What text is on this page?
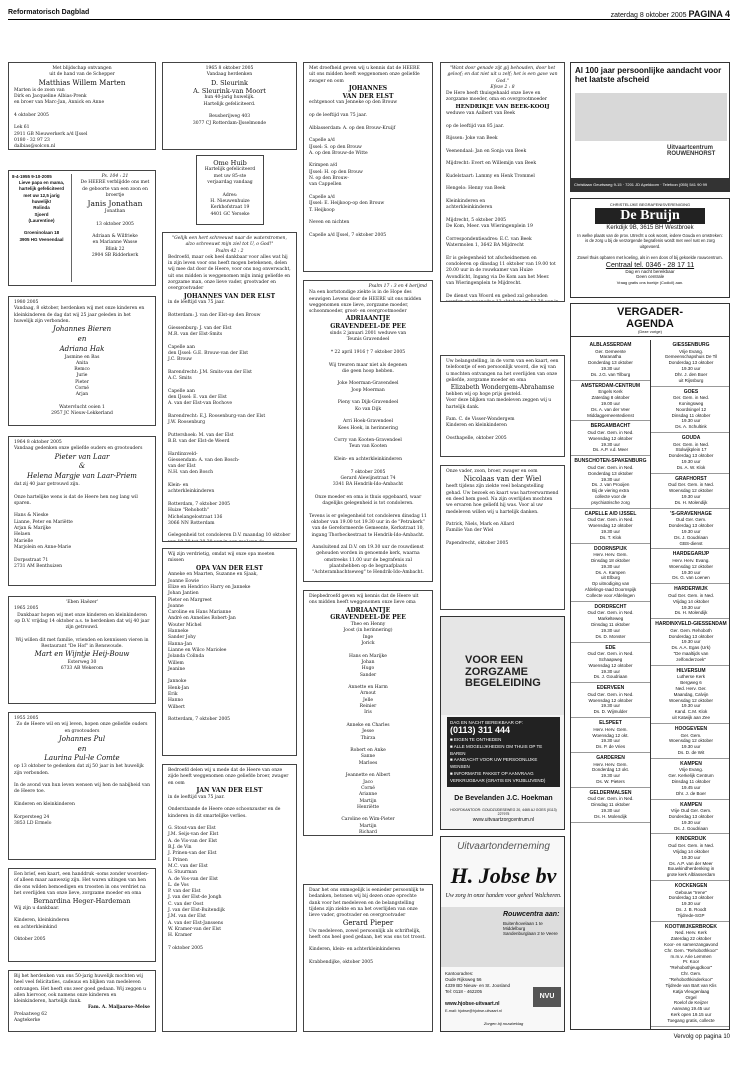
Reformatorisch Dagblad	zaterdag 8 oktober 2005 PAGINA 4
Met blijdschap ontvangen
uit de hand van de Schepper
Matthias Willem Marten
Marten is de zoon van
Dirk en Jacqueline Albias-Prenk
en broer van Marc-Jan, Annick en Anne

4 oktober 2005

Lek 61
2911 GB Nieuwerkerk a/d IJssel
0180 - 32 97 23
dalbias@solcon.nl
8-4-1955 9-10-2005
Lieve papa en mama,
hartelijk gefeliciteerd
met uw 12,5 jarig
huwelijk!
Rolinda
Sjoerd
(Laurentine)

Groeninolaan 18
3905 HG Veenendaal
Ps. 104 : 21
De HEERE verblijdde ons met
de geboorte van een zoon en broertje
Janis Jonathan
Jonathan

13 oktober 2005

Adriaan & Wilfrieke
en Marianne Wasse
Blink 22
2904 SB Ridderkerk
1980 2005
Vandaag, 8 oktober, herdenken wij met onze kinderen en kleinkinderen de dag dat wij 25 jaar geleden in het huwelijk zijn verbonden.
Johannes Bieren
en
Adriana Hak
Jasmine en Bas
Anita
Remco
Jurie
Pieter
Corné
Arjan

Watervlucht ooien 1
2957 JC Nieuw-Lekkerland
1964 8 oktober 2005
Vandaag gedenken onze geliefde ouders en grootouders
Pieter van Laar
&
Helena Margje van Laar-Priem
dat zij 40 jaar getrouwd zijn.

Onze hartelijke wens is dat de Heere hen nog lang wil sparen.

Hans & Nieske
Lianne, Peter en Mariëtte
Arjan & Marijke
Helaen
Marielle
Marjolein en Anne-Marie

Dorpsstraat 71
2731 AM Benthuizen
'Eben Haëzer'
1965 2005
Dankbaar hopen wij met onze kinderen en kleinkinderen op D.V. vrijdag 14 oktober a.s. te herdenken dat wij 40 jaar zijn getrouwd.

Wij willen dit met familie, vrienden en kennissen vieren in Restaurant "De Hof" in Renswoude.
Mart en Wijntje Heij-Bouw
Esterweg 30
6733 AB Wekerom
1955 2005
Zo de Heere wil en wij leven, hopen onze geliefde ouders en grootouders
Johannes Pul
en
Laurina Pul-le Comte
op 13 oktober te gedenken dat zij 50 jaar in het huwelijk zijn verbonden.

In de avond van hun leven wensen wij hen de nabijheid van de Heere toe.

Kinderen en kleinkinderen

Korpersteeg 24
3853 LD Ermelo
Een brief, een kaart, een handdruk -soms zonder woorden- of alleen maar aanwezig zijn. Het waren uitingen van hen die ons wilden bemoedigen en troosten in ons verdriet na het overlijden van onze lieve, zorgzame moeder en oma
Bernardina Heger-Hardeman
Wij zijn u dankbaar.

Kinderen, kleinkinderen
en achterkleinkind

Oktober 2005
Bij het herdenken van ons 50-jarig huwelijk mochten wij heel veel felicitaties, cadeaus en blijken van medeleven ontvangen. Het heeft ons zeer goed gedaan. Wij zeggen u allen hiervoor, ook namens onze kinderen en kleinkinderen, hartelijk dank.
Fam. A. Maljaarse-Melse
Prelaatweg 62
Aagtekerke
1965 8 oktober 2005
Vandaag herdenken
D. Sleurink
A. Sleurink-van Moort
hun 40-jarig huwelijk.
Hartelijk gefeliciteerd.

Beusberijweg 403
3077 CJ Rotterdam-IJsselmonde
Ome Huib
Hartelijk gefeliciteerd
met uw 85-ste
verjaardag vandaag

Adres:
H. Nieuwenhuize
Kerkhofstraat 19
4401 GC Yerseke
"Gelijk een hert schreeuwt naar de waterstromen, alzo schreeuwt mijn ziel tot U, o God!"
Psalm 42 : 2
Bedroefd, maar ook heel dankbaar voor alles wat hij in zijn leven voor ons heeft mogen betekenen, delen wij mee dat door de Heere, voor ons nog onverwacht, uit ons midden is weggenomen mijn innig geliefde en zorgzame man, onze lieve vader, grootvader en overgrootvader
JOHANNES VAN DER ELST
in de leeftijd van 75 jaar.

Rotterdam: J. van der Elst-op den Brouw

Giessenburg: J. van der Elst
M.R. van der Elst-Smits

Capelle aan
den IJssel: G.E. Brouw-van der Elst
J.C. Brouw

Barendrecht: J.M. Smits-van der Elst
A.C. Smits

Capelle aan
den IJssel: E. van der Elst
A. van der Elst-van Bochove

Barendrecht: E.J. Roosenburg-van der Elst
J.W. Roosenburg

Puttershoek: M. van der Elst
B.B. van der Elst-de Weerd

Hardinxveld-
Giessendam: A. van den Bosch-
van der Elst
N.H. van den Bosch

Klein- en
achterkleinkinderen

Rotterdam, 7 oktober 2005
Huize "Rehoboth"
Michelangelostraat 136
3066 NN Rotterdam

Gelegenheid tot condoleren D.V. maandag 10 oktober

Wij zijn verdrietig, omdat wij onze opa moeten missen
OPA VAN DER ELST
Anneke en Maarten, Suzanne en Sjaak,
Joanne Eowie
Elize en Hendrico Harry en Janneke
Johan Jantien
Pieter en Margreet
Joanne
Caroline en Hans Marianne
André en Annelies Robert-Jan
Wouter Michel
Hanneke
Sander Johy
Hanna-Jan
Lianne en Wilco Mariolee
Jolanda Colinda
Willem
Jeanine

Jannoke
Henk-Jan
Erik
Hanno
Wilbert

Rotterdam, 7 oktober 2005
Bedroefd delen wij u mede dat de Heere van onze zijde heeft weggenomen onze geliefde broer, zwager en oom
JAN VAN DER ELST
in de leeftijd van 75 jaar.

Onderstaande de Heere onze schoonzuster en de kinderen in dit smartelijke verlies.

G. Stout-van der Elst
J.M. Seijs-van der Elst
A. de Vis-van der Elst
B.J. de Vin
J. Prinen-van der Elst
I. Prinen
M.C. van der Elst
G. Stuurman
A. de Vos-van der Elst
L. de Vos
P. van der Elst
J. van der Elst-de Jongh
C. van der Oost
J. van der Elst-Buitendijk
J.M. van der Elst
A. van der Elst-Janssens
W. Kramer-van der Elst
H. Kramer

7 oktober 2005
Met droefheid geven wij u kennis dat de HEERE uit ons midden heeft weggenomen onze geliefde zwager en oom
JOHANNES
VAN DER ELST
echtgenoot van Jenneke op den Brouw

op de leeftijd van 75 jaar.

Alblasserdam: A. op den Brouw-Kruijf

Capelle a/d
IJssel: S. op den Brouw
A. op den Brouw-de Witte

Krimpen a/d
IJssel: H. op den Brouw
N. op den Brouw-
van Cappellen

Capelle a/d
IJssel: E. Heijkoop-op den Brouw
T. Heijkoop

Neven en nichten

Capelle a/d IJssel, 7 oktober 2005
Psalm 17 : 3 en 4 berijmd
Na een kortstondige ziekte is in de Hope des eeuwigen Levens door de HEERE uit ons midden weggenomen onze lieve, zorgzame moeder, schoonmoeder, groot- en overgrootmoeder
ADRIAANTJE
GRAVENDEEL-DE PEE
sinds 2 januari 2001 weduwe van
Teunis Gravendeel

* 22 april 1916 † 7 oktober 2005

Wij treuren maar niet als degenen
die geen hoop hebben.

Joke Moerman-Gravendeel
Joop Moerman

Pieny van Dijk-Gravendeel
Ko van Dijk

Arri Hoek-Gravendeel
Kees Hoek, in herinnering

Corry van Kooten-Gravendeel
Teun van Kooten

Klein- en achterkleinkinderen

7 oktober 2005
Gerard Alewijnstraat 74
3341 BA Hendrik-Ido-Ambacht

Onze moeder en oma is thuis opgebaard, waar dagelijks gelegenheid is tot condoleren.

Tevens is er gelegenheid tot condoleren dinsdag 11 oktober van 19.00 tot 19.30 uur in de "Petrakerk" van de Gereformeerde Gemeente, Kerkstraat 10, ingang Thorbeckestraat te Hendrik-Ido-Ambacht.

Aansluitend zal D.V. om 19.30 uur de rouwdienst gehouden worden in genoemde kerk, waarna omstreeks 11.00 uur de begrafenis zal plaatshebben op de begraafplaats "Achterambachtseweg" te Hendrik-Ido-Ambacht.

Diepbedroefd geven wij kennis dat de Heere uit ons midden heeft weggenomen onze lieve oma
ADRIAANTJE
GRAVENDEEL-DE PEE
Theo en Henny
Joost (in herinnering)
Inge
Jorick

Hans en Marijke
Johan
Hugo
Sander

Annette en Harm
Arnout
Jelle
Reinier
Iris

Anneke en Charles
Jesse
Thirza

Robert en Anke
Sanne
Marloes

Jeannette en Albert
Jaco
Corné
Arianne
Martijn
Henriëtte

Caroline en Wim-Pieter
Martijn
Richard

Daar het ons onmogelijk is eenieder persoonlijk te bedanken, betonen wij bij dezen onze oprechte dank voor het medeleven en de belangstelling tijdens zijn ziekte en na het overlijden van onze lieve vader, grootvader en overgrootvader
Gerard Pieper
Uw medeleven, zowel persoonlijk als schriftelijk, heeft ons heel goed gedaan, het was ons tot troost.

Kinderen, klein- en achterkleinkinderen

Krabbendijke, oktober 2005
"Want door genade zijt gij behouden, door het geloof; en dat niet uit u zelf; het is een gave van God."
Efeze 2 : 8
De Here heeft thuisgehaald onze lieve en zorgzame moeder, oma en overgrootmoeder
HENDRIKJE VAN BEEK-KOOIJ
weduwe van Aalbert van Beek

op de leeftijd van 85 jaar.

Rijssen: Joke van Beek

Veenendaal: Jan en Sonja van Beek

Mijdrecht: Evert en Willemijn van Beek

Kudelstaart: Lammy en Henk Trommel

Hengelo: Henny van Beek

Kleinkinderen en
achterkleinkinderen

Mijdrecht, 5 oktober 2005
De Kom, Meer. van Wieringenplein 19

Correspondentieadres: E.C. van Beek
Watermolen 1, 3642 BA Mijdrecht

Er is gelegenheid tot afscheidnemen en condoleren op dinsdag 11 oktober van 19.00 tot 20.00 uur in de rouwkamer van Huize Avondlicht, Ingang via De Kom aan het Meer. van Wieringenplein te Mijdrecht.

De dienst van Woord en gebed zal gehouden

Uw belangstelling, in de vorm van een kaart, een telefoontje of een persoonlijk woord, die wij van u mochten ontvangen na het overlijden van onze geliefde, zorgzame moeder en oma
Elizabeth Wondergem-Abrahamse
hebben wij op hoge prijs gesteld.
Voor deze blijken van medeleven zeggen wij u hartelijk dank.

Fam. C. de Visser-Wondergem
Kinderen en kleinkinderen

Oosthapelle, oktober 2005
Onze vader, zoon, broer, zwager en oom
Nicolaas van der Wiel
heeft tijdens zijn ziekte veel belangstelling gehad. Uw bezoek en kaart was hartverwarmend en deed hem goed. Na zijn overlijden mochten we ervaren hoe geliefd hij was. Voor al uw medeleven willen wij u hartelijk danken.

Patrick, Niels, Mark en Allard
Familie Van der Wiel

Papendrecht, oktober 2005
VOOR EEN
ZORGZAME
BEGELEIDING
DAG EN NACHT BEREIKBAAR OP:
(0113) 311 444
■ EIGEN TE ONTHEDEN
■ ALLE MOGELIJKHEDEN OM THUIS OP TE BAREN
■ AANDACHT VOOR UW PERSOONLIJKE WENSEN
■ INFORMATIE PAKKET OP AANVRAAG VERKRIJGBAAR (GRATIS EN VRIJBLIJVEND)
De Bevelanden J.C. Hoekman
HOOFDKANTOOR: GOUDZIJDESEWEG 20, 4465 AJ GOES (0113) 227975
www.uitvaartzorgcentrum.nl
Uitvaartonderneming
H. Jobse bv
Uw zorg in onze handen voor geheel Walcheren.
Rouwcentra aan:
Buitenhovelaan 1 te Middelburg
Sandenburglaan 2 te Veere
Kantooradres:
Oude Rijksweg 56
4339 BD Nieuw- en St. Joosland
Tel: 0118 - 462205
www.hjobse-uitvaart.nl
E-mail: hjobse@hjobse-uitvaart.nl
NVU
Zorgen bij rouwbeklag
Al 100 jaar persoonlijke aandacht voor het laatste afscheid
Uitvaartcentrum ROUWENHORST
Christiaan Geurtsweg 9-15 · 7201 JD Apeldoorn · Telefoon (055) 541 90 99
CHRISTELIJKE BEGRAFENISVERENIGING
De Bruijn
Kerkdijk 9B, 3615 BH Westbroek
In welke plaats van de prov. Utrecht u ook woont, iedere Gouda en omstreken: is de zorg u bij de verzorgende begrafenis wordt met veel rust en zorg uitgevoerd.

Zowel thuis opbaren met koeling, als in een doos of bij gekoelde rouwcentrum.
Centraal tel. 0346 - 28 17 11
Dag en nacht bereikbaar
Geen centrale
Vraag gratis ons boekje (Codicil) aan.
VERGADER-
AGENDA
(Deze vorige)
ALBLASSERDAM
Ger. Gemeente
Maranatha
Donderdag 13 oktober
19.30 uur
Ds. J.G. van Tilburg
AMSTERDAM-CENTRUM
Engels Kerk
Zaterdag 8 oktober
19.00 uur
Ds. A. van der Veer
Middaggemeentedienst
BERGAMBACHT
Oud Ger. Gem. in Ned.
Woensdag 12 oktober
19.30 uur
Ds. A.P. v.d. Meer
BUNSCHOTEN-SPAKENBURG
Oud Ger. Gem. in Ned.
Donderdag 13 oktober
19.30 uur
Ds. J. van Prooijen
Bij de viering extra
collecte voor de
psychiatrische zorg
CAPELLE A/D IJSSEL
Oud Ger. Gem. in Ned.
Woensdag 12 oktober
19.30 uur
Ds. T. Klok
DOORNSPIJK
Herv. Herv. Gem.
Dinsdag 18 oktober
19.30 uur
Ds. A. Kampen
uit Elburg
Op uitnodiging van
Afdelings-raad Doornspijk
Collecte voor Afdelingen
DORDRECHT
Oud Ger. Gem. in Ned.
Markelteweg
Dinsdag 11 oktober
19.30 uur
Ds. D. Monster
EDE
Oud Ger. Gem. in Ned.
Schaapweg
Woensdag 12 oktober
19.30 uur
Ds. J. Goudriaan
EDERVEEN
Oud Ger. Gem. in Ned.
Woensdag 12 oktober
19.30 uur
Ds. D. Wijmulder
ELSPEET
Herv. Herv. Gem.
Woensdag 12 okt.
19.30 uur
Ds. P. de Vries
GARDEREN
Herv. Herv. Gem.
Donderdag 13 okt.
19.30 uur
Ds. W. Pieters
GELDERMALSEN
Oud Ger. Gem. in Ned.
Dinsdag 11 oktober
19.30 uur
Ds. H. Molendijk
GIESSENBURG
Vrije Evang.
Gemeenschapshuis De Til
Donderdag 13 oktober
19.30 uur
Dhr. J. den Boer
uit Rijssburg
GOES
Ger. Gem. in Ned.
Koningsweg
Noordsingel 12
Dinsdag 11 oktober
19.30 uur
Ds. A. Schultink
GOUDA
Ger. Gem. in Ned.
Stolwijkplein 17
Donderdag 13 oktober
19.30 uur
Ds. A. W. Klok
GRAFHORST
Oud Ger. Gem. in Ned.
Woensdag 12 oktober
19.30 uur
Ds. H. Molendijk
'S-GRAVENHAGE
Oud Ger. Gem.
Donderdag 13 oktober
19.30 uur
Ds. J. Goudriaan
GBS-dienst
HARDEGARIJP
Herv. Herv. Evang.
Woensdag 12 oktober
19.30 uur
Ds. G. van Loenen
HARDERWIJK
Oud Ger. Gem. in Ned.
Vrijdag 14 oktober
19.30 uur
Ds. H. Molendijk
HARDINXVELD-GIESSENDAM
Ger. Gem. Rehoboth
Donderdag 13 oktober
19.30 uur
Ds. A.A. Egas (Urk)
"De maaltijds van
zelfonderzoek"
HILVERSUM
Lutherse Kerk
Bergweg 6
Ned. Herv. Ger.
Maandag, Calvijn
Woensdag 12 oktober
19.30 uur
Kand. C.M. Klok
uit Katwijk aan Zee
HOOGEVEEN
Ger. Gem.
Woensdag 12 oktober
19.30 uur
Ds. D. de Wit
KAMPEN
Vrije Evang.
Ger. Kerkelijk Centrum
Dinsdag 11 oktober
19.45 uur
Dhr. J. de Boer
KAMPEN
Vrije Oud Ger. Gem.
Donderdag 13 oktober
19.30 uur
Ds. J. Goudriaan
KINDERDIJK
Oud Ger. Gem. in Ned.
Vrijdag 14 oktober
19.30 uur
Ds. A.P. van der Meer
Bouwkindherdenking in
grote kerk Alblasserdam
KOCKENGEN
Gebouw "Irene"
Donderdag 13 oktober
19.30 uur
Ds. J. B. Roodt
Tijdrede-SGP
KOOTWIJKERBROEK
Ned. Herv. Kerk
Zaterdag 22 oktober
Koor- en samenzangavond
Chr. Gem. "Rehobothkoor"
m.m.v. Arie Lemmen
Pr. Koor
"Rehobothjeugdkoor"
Chr. Gem.
"Rehobothkinderkoor"
Tijdrede van Bart van Klis
Katja Vleugenlaag
Orgel
Roelof de Keijzer
Aanvang 19.45 uur
Kerk open 19.15 uur
Toegang gratis, collecte
Vervolg op pagina 10
